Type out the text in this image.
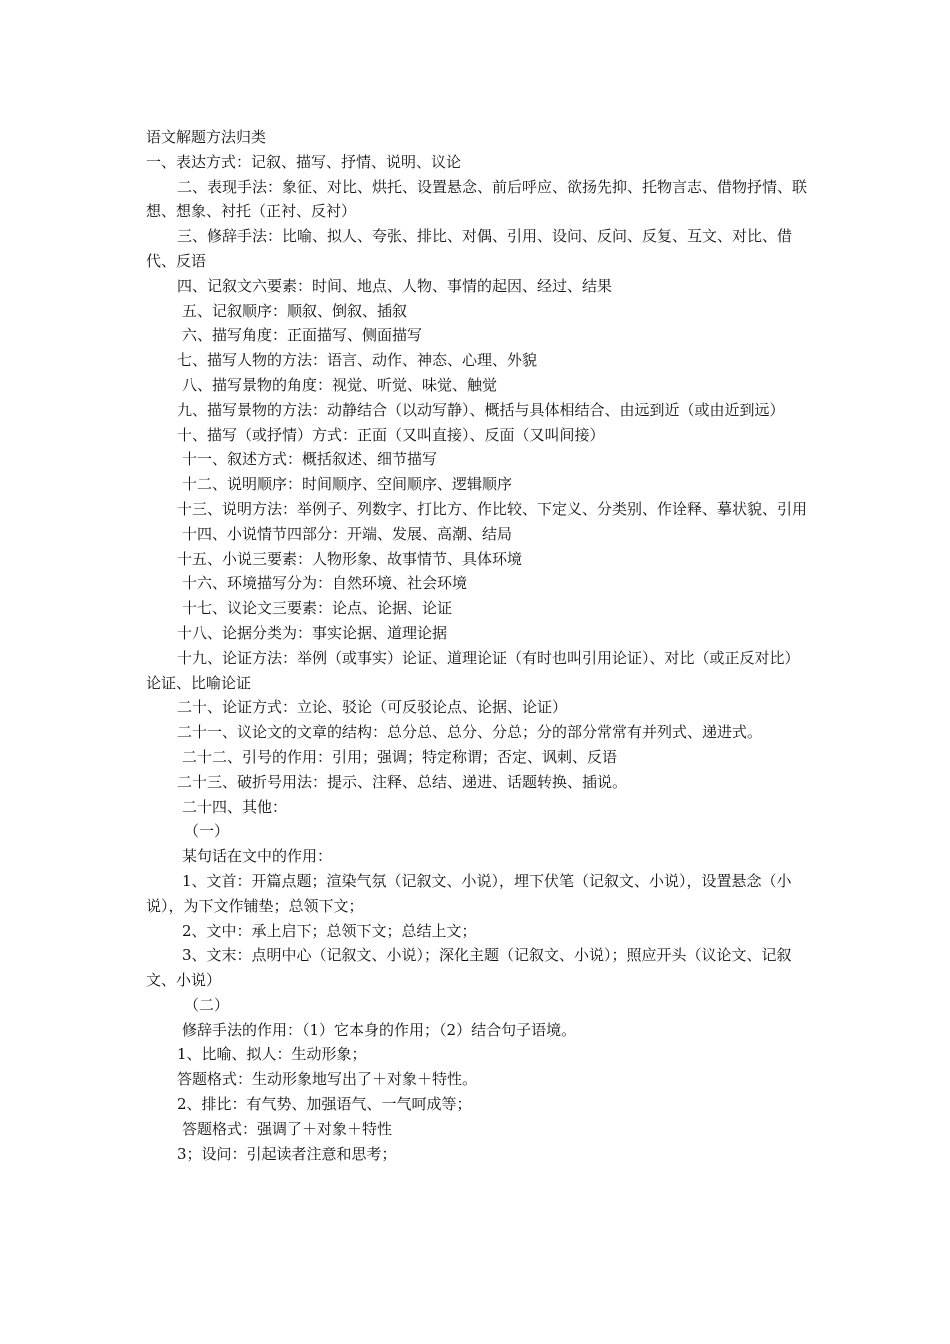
语文解题方法归类

一、表达方式：记叙、描写、抒情、说明、议论

二、表现手法：象征、对比、烘托、设置悬念、前后呼应、欲扬先抑、托物言志、借物抒情、联想、想象、衬托（正衬、反衬）

三、修辞手法：比喻、拟人、夸张、排比、对偶、引用、设问、反问、反复、互文、对比、借代、反语

四、记叙文六要素：时间、地点、人物、事情的起因、经过、结果

五、记叙顺序：顺叙、倒叙、插叙

六、描写角度：正面描写、侧面描写

七、描写人物的方法：语言、动作、神态、心理、外貌

八、描写景物的角度：视觉、听觉、味觉、触觉

九、描写景物的方法：动静结合（以动写静）、概括与具体相结合、由远到近（或由近到远）

十、描写（或抒情）方式：正面（又叫直接）、反面（又叫间接）

十一、叙述方式：概括叙述、细节描写

十二、说明顺序：时间顺序、空间顺序、逻辑顺序

十三、说明方法：举例子、列数字、打比方、作比较、下定义、分类别、作诠释、摹状貌、引用

十四、小说情节四部分：开端、发展、高潮、结局

十五、小说三要素：人物形象、故事情节、具体环境

十六、环境描写分为：自然环境、社会环境

十七、议论文三要素：论点、论据、论证

十八、论据分类为：事实论据、道理论据

十九、论证方法：举例（或事实）论证、道理论证（有时也叫引用论证）、对比（或正反对比）论证、比喻论证

二十、论证方式：立论、驳论（可反驳论点、论据、论证）

二十一、议论文的文章的结构：总分总、总分、分总；分的部分常常有并列式、递进式。

二十二、引号的作用：引用；强调；特定称谓；否定、讽刺、反语

二十三、破折号用法：提示、注释、总结、递进、话题转换、插说。

二十四、其他：

（一）

某句话在文中的作用：

1、文首：开篇点题；渲染气氛（记叙文、小说），埋下伏笔（记叙文、小说），设置悬念（小说），为下文作铺垫；总领下文；

2、文中：承上启下；总领下文；总结上文；

3、文末：点明中心（记叙文、小说）；深化主题（记叙文、小说）；照应开头（议论文、记叙文、小说）

（二）

修辞手法的作用：（1）它本身的作用；（2）结合句子语境。

1、比喻、拟人：生动形象；

答题格式：生动形象地写出了＋对象＋特性。

2、排比：有气势、加强语气、一气呵成等；

答题格式：强调了＋对象＋特性

3；设问：引起读者注意和思考；
